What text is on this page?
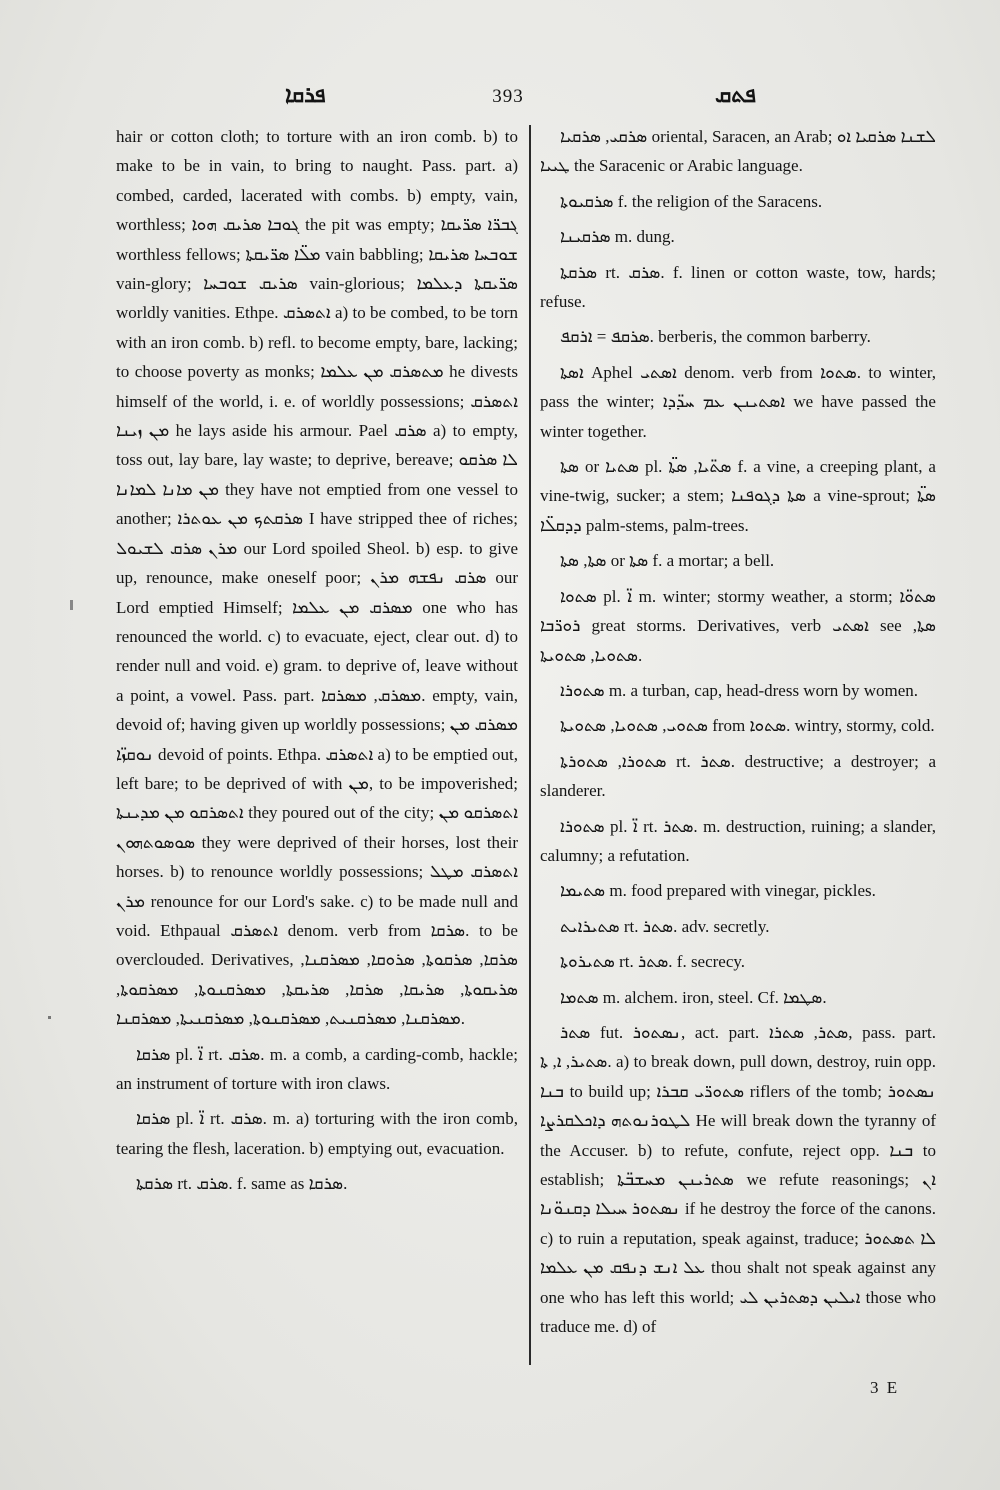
ܦܪܩܐ	393	ܦܬܩ

hair or cotton cloth; to torture with an iron comb. b) to make to be in vain, to bring to naught. Pass. part. a) combed, carded, lacerated with combs. b) empty, vain, worthless; ܓܘܒܐ ܣܪܝܩ ܗܘܐ the pit was empty; ܓܒܪ̈ܐ ܣܪ̈ܝܩܐ worthless fellows; ܡܠ̈ܐ ܣܪ̈ܝܩܬܐ vain babbling; ܫܘܒܚܐ ܣܪܝܩܐ vain-glory; ܣܪܝܩ ܫܘܒܚܐ vain-glorious; ܣܪ̈ܝܩܬܐ ܕܥܠܡܐ worldly vanities. Ethpe. ܐܬܣܪܩ a) to be combed, to be torn with an iron comb. b) refl. to become empty, bare, lacking; to choose poverty as monks; ܡܬܣܪܩ ܡܢ ܥܠܡܐ he divests himself of the world, i. e. of worldly possessions; ܐܬܣܪܩ ܡܢ ܙܝܢܐ he lays aside his armour. Pael ܣܪܩ a) to empty, toss out, lay bare, lay waste; to deprive, bereave; ܠܐ ܣܪܩܘ ܡܢ ܡܐܢܐ ܠܡܐܢܐ they have not emptied from one vessel to another; ܣܪܩܬܟ ܡܢ ܥܘܬܪܐ I have stripped thee of riches; ܡܪܢ ܣܪܩ ܠܫܝܘܠ our Lord spoiled Sheol. b) esp. to give up, renounce, make oneself poor; ܣܪܩ ܢܦܫܗ ܡܪܢ our Lord emptied Himself; ܡܣܪܩ ܡܢ ܥܠܡܐ one who has renounced the world. c) to evacuate, eject, clear out. d) to render null and void. e) gram. to deprive of, leave without a point, a vowel. Pass. part. ܡܣܪܩ, ܡܣܪܩܐ. empty, vain, devoid of; having given up worldly possessions; ܡܣܪܩ ܡܢ ܢܘܩܙ̈ܐ devoid of points. Ethpa. ܐܬܣܪܩ a) to be emptied out, left bare; to be deprived of with ܡܢ, to be impoverished; ܐܬܣܪܩܘ ܡܢ ܡܕܝܢܬܐ they poured out of the city; ܐܬܣܪܩܘ ܡܢ ܣܘܣܘܬܗܘܢ they were deprived of their horses, lost their horses. b) to renounce worldly possessions; ܐܬܣܪܩ ܡܛܠ ܡܪܢ renounce for our Lord's sake. c) to be made null and void. Ethpaual ܐܬܣܪܩ denom. verb from ܣܪܩܐ. to be overclouded. Derivatives, ܣܪܩܐ, ܣܪܩܘܬܐ, ܣܪܘܩܐ, ܡܣܪܩܢܐ, ܣܪܝܩܘܬܐ, ܣܪܝܩܐ, ܣܪܩܐ, ܣܪܝܩܬܐ, ܡܣܪܩܢܘܬܐ, ܡܣܪܩܘܬܐ, ܡܣܪܩܢܐ, ܡܣܪܩܢܝܬ, ܡܣܪܩܢܘܬܐ, ܡܣܪܩܢܝܬܐ, ܡܣܪܩܢܐ.

ܣܪܩܐ pl. ܐ̈ rt. ܣܪܩ. m. a comb, a carding-comb, hackle; an instrument of torture with iron claws.

ܣܪܩܐ pl. ܐ̈ rt. ܣܪܩ. m. a) torturing with the iron comb, tearing the flesh, laceration. b) emptying out, evacuation.

ܣܪܩܬܐ rt. ܣܪܩ. f. same as ܣܪܩܐ.

ܣܪܩܝ, ܣܪܩܝܐ oriental, Saracen, an Arab; ܠܫܢܐ ܣܪܩܝܐ ܐܘ ܛܝܝܐ the Saracenic or Arabic language.

ܣܪܩܝܘܬܐ f. the religion of the Saracens.

ܣܪܩܝܢܐ m. dung.

ܣܪܩܬܐ rt. ܣܪܩ. f. linen or cotton waste, tow, hards; refuse.

ܣܪܩܦ = ܐܪܩܦ. berberis, the common barberry.

ܐܣܬܐ Aphel ܐܣܬܝ denom. verb from ܣܬܘܐ. to winter, pass the winter; ܐܣܬܝܢܢ ܥܡ ܚܕ̈ܕܐ we have passed the winter together.

ܣܬܐ or ܣܬܝܐ pl. ܣܬ̈ܝܐ, ܣܬ̈ܐ f. a vine, a creeping plant, a vine-twig, sucker; a stem; ܣܬܐ ܕܓܘܦܢܐ a vine-sprout; ܣܬ̈ܐ ܕܕܩܠ̈ܐ palm-stems, palm-trees.

ܣܬܐ, ܣܬܐ or ܣܬܐ f. a mortar; a bell.

ܣܬܘܐ pl. ܐ̈ m. winter; stormy weather, a storm; ܣܬܘ̈ܐ ܪܘܪ̈ܒܐ great storms. Derivatives, verb ܐܣܬܝ see ܣܬܐ, ܣܬܘܝܐ, ܣܬܘܝܬܐ.

ܣܬܘܪܐ m. a turban, cap, head-dress worn by women.

ܣܬܘܝ, ܣܬܘܝܐ, ܣܬܘܝܬܐ from ܣܬܘܐ. wintry, stormy, cold.

ܣܬܘܪܐ, ܣܬܘܪܬܐ rt. ܣܬܪ. destructive; a destroyer; a slanderer.

ܣܬܘܪܐ pl. ܐ̈ rt. ܣܬܪ. m. destruction, ruining; a slander, calumny; a refutation.

ܣܬܝܡܐ m. food prepared with vinegar, pickles.

ܣܬܝܪܐܝܬ rt. ܣܬܪ. adv. secretly.

ܣܬܝܪܘܬܐ rt. ܣܬܪ. f. secrecy.

ܣܬܡܐ m. alchem. iron, steel. Cf. ܣܛܡܐ.

ܣܬܪ fut. ܢܣܬܘܪ, act. part. ܣܬܪ, ܣܬܪܐ, pass. part. ܣܬܝܪ, ܐ, ܬܐ. a) to break down, pull down, destroy, ruin opp. ܒܢܐ to build up; ܣܬܘܪ̈ܝ ܩܒܪܐ riflers of the tomb; ܢܣܬܘܪ ܠܛܘܪܢܘܬܗ ܕܐܟܠܩܪܨܐ He will break down the tyranny of the Accuser. b) to refute, confute, reject opp. ܒܢܐ to establish; ܣܬܪܝܢܢ ܡܚܫܒ̈ܬܐ we refute reasonings; ܐܢ ܢܣܬܘܪ ܚܝܠܐ ܕܩܢܘ̈ܢܐ if he destroy the force of the canons. c) to ruin a reputation, speak against, traduce; ܠܐ ܬܣܬܘܪ ܥܠ ܐܢܫ ܕܢܦܩ ܡܢ ܥܠܡܐ thou shalt not speak against any one who has left this world; ܐܝܠܝܢ ܕܣܬܪܝܢ ܠܝ those who traduce me. d) of

3 E
